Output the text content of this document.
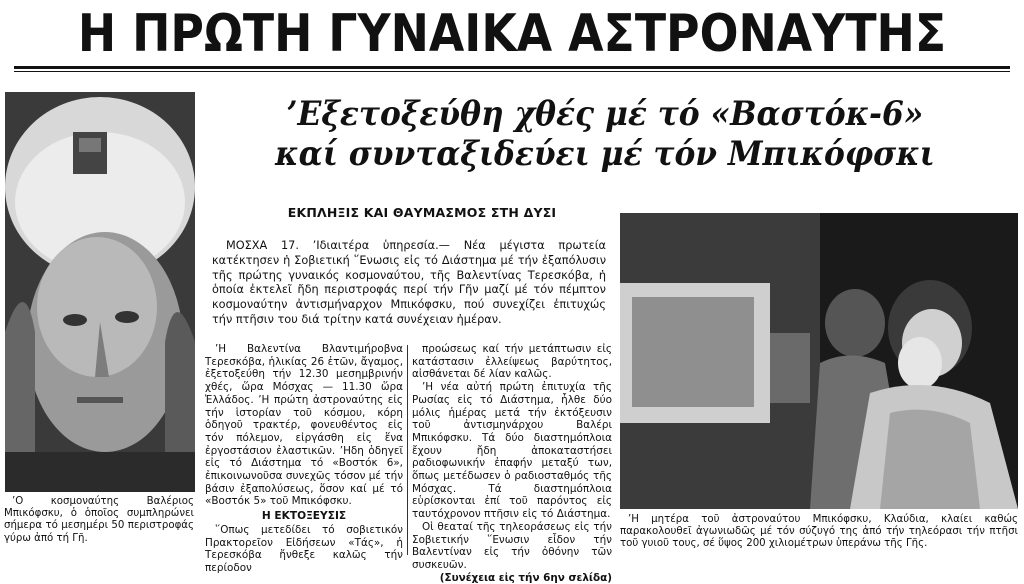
Η ΠΡΩΤΗ ΓΥΝΑΙΚΑ ΑΣΤΡΟΝΑΥΤΗΣ
’Εξετοξεύθη χθές μέ τό «Βαστόκ-6»
καί συνταξιδεύει μέ τόν Μπικόφσκι
ΕΚΠΛΗΞΙΣ ΚΑΙ ΘΑΥΜΑΣΜΟΣ ΣΤΗ ΔΥΣΙ
ΜΟΣΧΑ 17. ’Ιδιαιτέρα ὑπηρεσία.— Νέα μέγιστα πρωτεία κατέκτησεν ἡ Σοβιετική ῞Ενωσις εἰς τό Διάστημα μέ τήν ἐξαπόλυσιν τῆς πρώτης γυναικός κοσμοναύτου, τῆς Βαλεντίνας Τερεσκόβα, ἡ ὁποία ἐκτελεῖ ἤδη περιστροφάς περί τήν Γῆν μαζί μέ τόν πέμπτον κοσμοναύτην ἀντισμήναρχον Μπικόφσκυ, πού συνεχίζει ἐπιτυχώς τήν πτῆσιν του διά τρίτην κατά συνέχειαν ἡμέραν.

’Η Βαλεντίνα Βλαντιμήροβνα Τερεσκόβα, ἡλικίας 26 ἐτῶν, ἄγαμος, ἐξετοξεύθη τήν 12.30 μεσημβρινήν χθές, ὥρα Μόσχας — 11.30 ὥρα Ἑλλάδος. ’Η πρώτη ἀστροναύτης εἰς τήν ἱστορίαν τοῦ κόσμου, κόρη ὁδηγοῦ τρακτέρ, φονευθέντος εἰς τόν πόλεμον, εἰργάσθη εἰς ἕνα ἐργοστάσιον ἐλαστικῶν. ’Ηδη ὁδηγεῖ εἰς τό Διάστημα τό «Βοστόκ 6», ἐπικοινωνοῦσα συνεχῶς τόσον μέ τήν βάσιν ἐξαπολύσεως, ὅσον καί μέ τό «Βοστόκ 5» τοῦ Μπικόφσκυ.

Η ΕΚΤΟΞΕΥΣΙΣ

῞Οπως μετεδίδει τό σοβιετικόν Πρακτορεῖον Εἰδήσεων «Τάς», ἡ Τερεσκόβα ἤνθεξε καλῶς τήν περίοδον

προώσεως καί τήν μετάπτωσιν εἰς κατάστασιν ἐλλείψεως βαρύτητος, αἰσθάνεται δέ λίαν καλῶς.

’Η νέα αὐτή πρώτη ἐπιτυχία τῆς Ρωσίας εἰς τό Διάστημα, ἦλθε δύο μόλις ἡμέρας μετά τήν ἐκτόξευσιν τοῦ ἀντισμηνάρχου Βαλέρι Μπικόφσκυ. Τά δύο διαστημόπλοια ἔχουν ἤδη ἀποκαταστήσει ραδιοφωνικήν ἐπαφήν μεταξύ των, ὅπως μετέδωσεν ὁ ραδιοσταθμός τῆς Μόσχας. Τά διαστημόπλοια εὑρίσκονται ἐπί τοῦ παρόντος εἰς ταυτόχρονον πτῆσιν εἰς τό Διάστημα.

Οἱ θεαταί τῆς τηλεοράσεως εἰς τήν Σοβιετικήν ῞Ενωσιν εἶδον τήν Βαλεντίναν εἰς τήν ὀθόνην τῶν συσκευῶν.

(Συνέχεια εἰς τήν 6ην σελίδα)

’Ο κοσμοναύτης Βαλέριος Μπικόφσκυ, ὁ ὁποῖος συμπληρώνει σήμερα τό μεσημέρι 50 περιστροφάς γύρω ἀπό τή Γῆ.
’Η μητέρα τοῦ ἀστροναύτου Μπικόφσκυ, Κλαύδια, κλαίει καθώς παρακολουθεῖ ἀγωνιωδῶς μέ τόν σύζυγό της ἀπό τήν τηλεόρασι τήν πτῆσι τοῦ γυιοῦ τους, σέ ὕψος 200 χιλιομέτρων ὑπεράνω τῆς Γῆς.
